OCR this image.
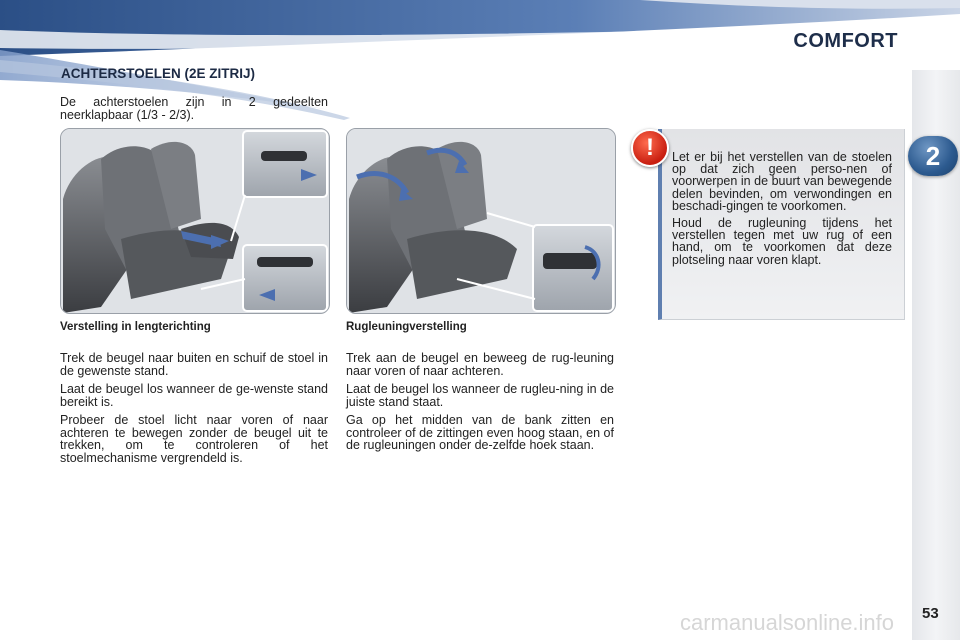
COMFORT
2
ACHTERSTOELEN (2E ZITRIJ)
De achterstoelen zijn in 2 gedeelten neerklapbaar (1/3 - 2/3).
Verstelling in lengterichting	Rugleuningverstelling

Trek de beugel naar buiten en schuif de stoel in de gewenste stand.

Laat de beugel los wanneer de ge-wenste stand bereikt is.

Probeer de stoel licht naar voren of naar achteren te bewegen zonder de beugel uit te trekken, om te controleren of het stoelmechanisme vergrendeld is.

Trek aan de beugel en beweeg de rug-leuning naar voren of naar achteren.

Laat de beugel los wanneer de rugleu-ning in de juiste stand staat.

Ga op het midden van de bank zitten en controleer of de zittingen even hoog staan, en of de rugleuningen onder de-zelfde hoek staan.

!	Let er bij het verstellen van de stoelen op dat zich geen perso-nen of voorwerpen in de buurt van bewegende delen bevinden, om verwondingen en beschadi-gingen te voorkomen.

Houd de rugleuning tijdens het verstellen tegen met uw rug of een hand, om te voorkomen dat deze plotseling naar voren klapt.

53
carmanualsonline.info
